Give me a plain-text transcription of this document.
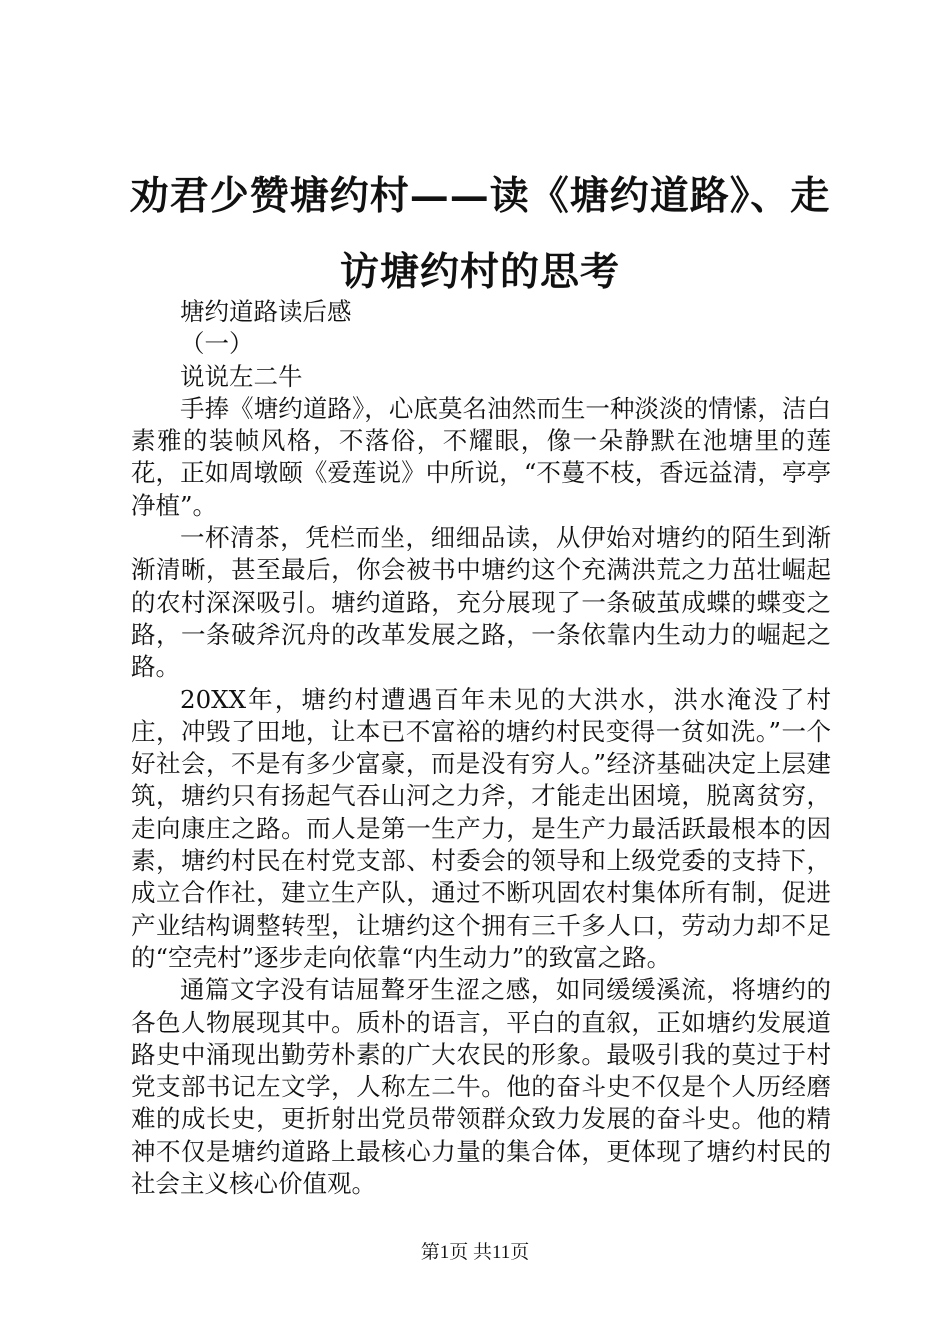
劝君少赞塘约村——读《塘约道路》、走访塘约村的思考

塘约道路读后感

（一）

说说左二牛

手捧《塘约道路》，心底莫名油然而生一种淡淡的情愫，洁白素雅的装帧风格，不落俗，不耀眼，像一朵静默在池塘里的莲花，正如周墩颐《爱莲说》中所说，“不蔓不枝，香远益清，亭亭净植”。

一杯清茶，凭栏而坐，细细品读，从伊始对塘约的陌生到渐渐清晰，甚至最后，你会被书中塘约这个充满洪荒之力茁壮崛起的农村深深吸引。塘约道路，充分展现了一条破茧成蝶的蝶变之路，一条破斧沉舟的改革发展之路，一条依靠内生动力的崛起之路。

20XX年，塘约村遭遇百年未见的大洪水，洪水淹没了村庄，冲毁了田地，让本已不富裕的塘约村民变得一贫如洗。”一个好社会，不是有多少富豪，而是没有穷人。”经济基础决定上层建筑，塘约只有扬起气吞山河之力斧，才能走出困境，脱离贫穷，走向康庄之路。而人是第一生产力，是生产力最活跃最根本的因素，塘约村民在村党支部、村委会的领导和上级党委的支持下，成立合作社，建立生产队，通过不断巩固农村集体所有制，促进产业结构调整转型，让塘约这个拥有三千多人口，劳动力却不足的“空壳村”逐步走向依靠“内生动力”的致富之路。

通篇文字没有诘屈聱牙生涩之感，如同缓缓溪流，将塘约的各色人物展现其中。质朴的语言，平白的直叙，正如塘约发展道路史中涌现出勤劳朴素的广大农民的形象。最吸引我的莫过于村党支部书记左文学，人称左二牛。他的奋斗史不仅是个人历经磨难的成长史，更折射出党员带领群众致力发展的奋斗史。他的精神不仅是塘约道路上最核心力量的集合体，更体现了塘约村民的社会主义核心价值观。

第1页 共11页
